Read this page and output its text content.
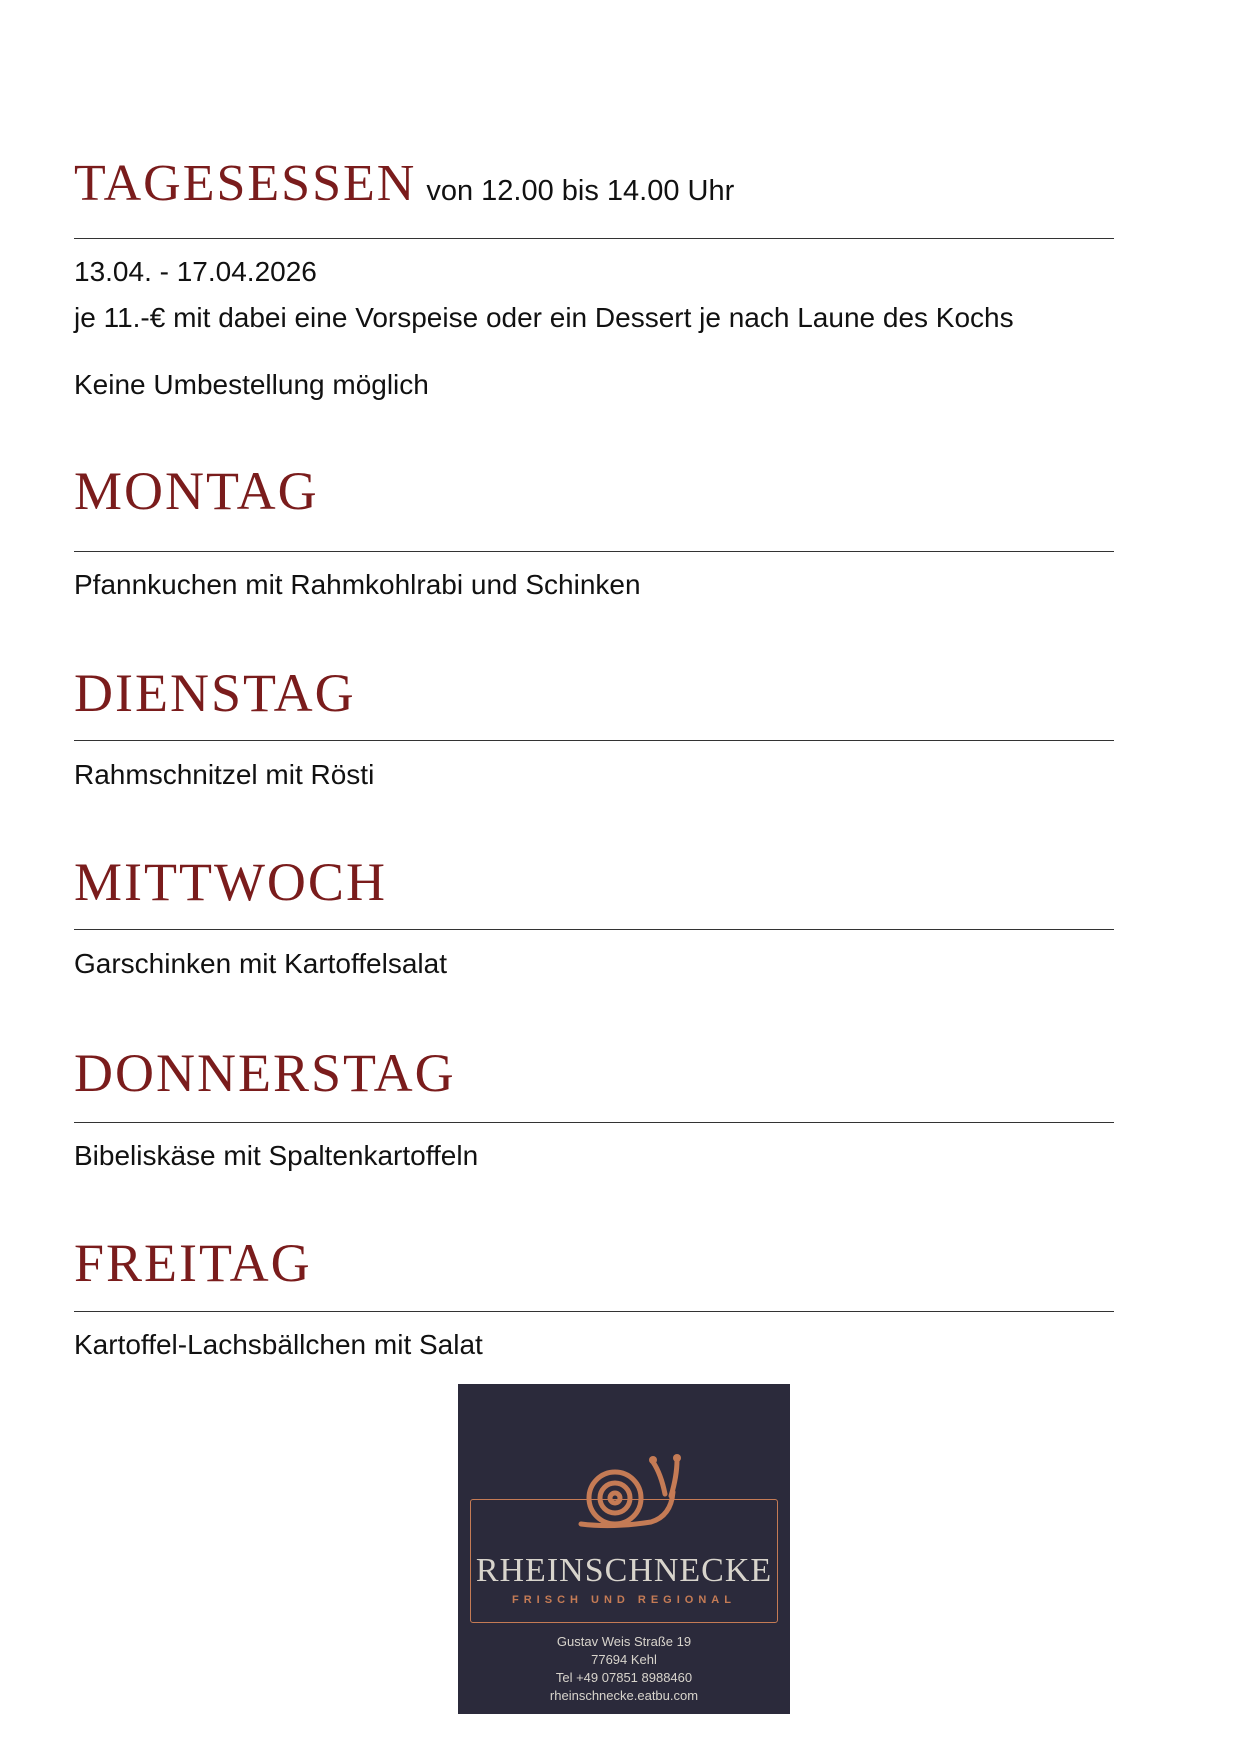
TAGESESSEN von 12.00 bis 14.00 Uhr
13.04. - 17.04.2026
je 11.-€ mit dabei eine Vorspeise oder ein Dessert je nach Laune des Kochs
Keine Umbestellung möglich
MONTAG
Pfannkuchen mit Rahmkohlrabi und Schinken
DIENSTAG
Rahmschnitzel mit Rösti
MITTWOCH
Garschinken mit Kartoffelsalat
DONNERSTAG
Bibeliskäse mit Spaltenkartoffeln
FREITAG
Kartoffel-Lachsbällchen mit Salat
RHEINSCHNECKE
FRISCH UND REGIONAL
Gustav Weis Straße 19
77694 Kehl
Tel +49 07851 8988460
rheinschnecke.eatbu.com
